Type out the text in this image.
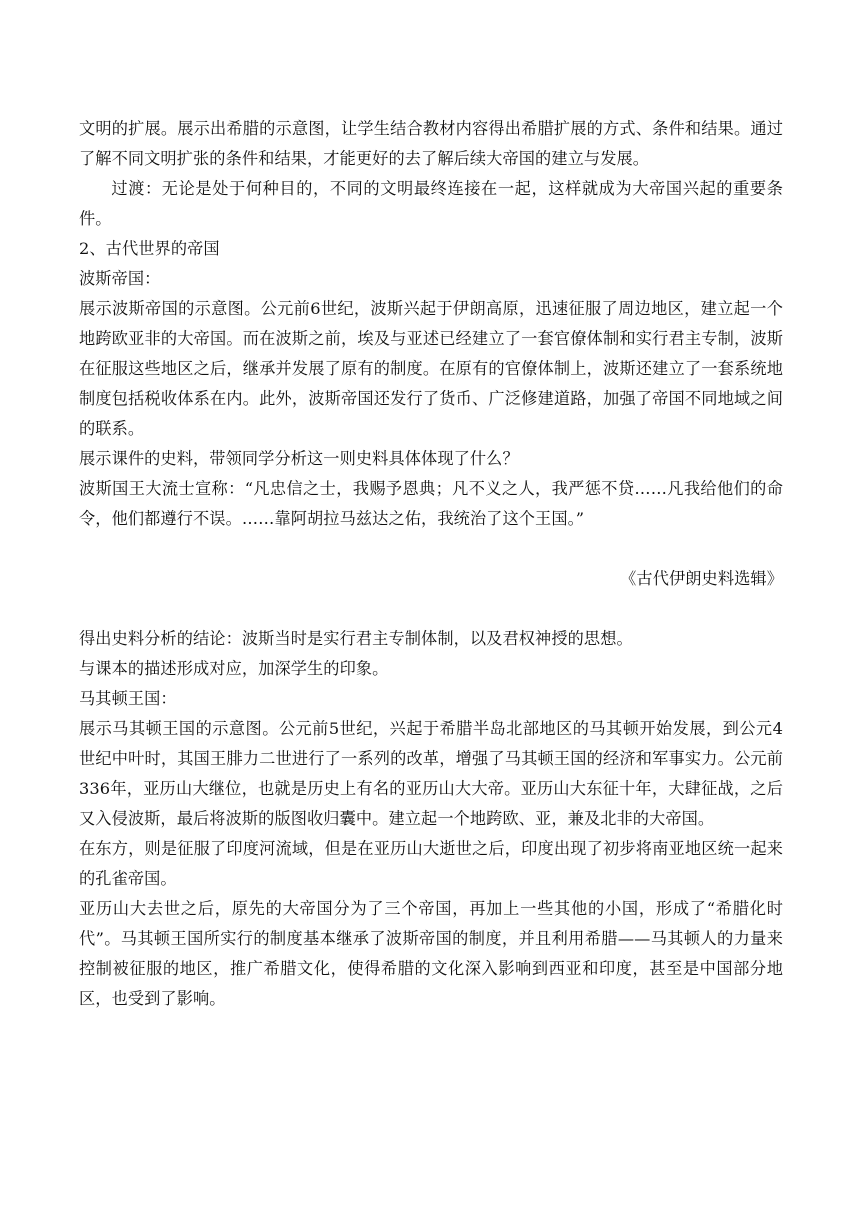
文明的扩展。展示出希腊的示意图，让学生结合教材内容得出希腊扩展的方式、条件和结果。通过了解不同文明扩张的条件和结果，才能更好的去了解后续大帝国的建立与发展。

过渡：无论是处于何种目的，不同的文明最终连接在一起，这样就成为大帝国兴起的重要条件。

2、古代世界的帝国

波斯帝国：

展示波斯帝国的示意图。公元前6世纪，波斯兴起于伊朗高原，迅速征服了周边地区，建立起一个地跨欧亚非的大帝国。而在波斯之前，埃及与亚述已经建立了一套官僚体制和实行君主专制，波斯在征服这些地区之后，继承并发展了原有的制度。在原有的官僚体制上，波斯还建立了一套系统地制度包括税收体系在内。此外，波斯帝国还发行了货币、广泛修建道路，加强了帝国不同地域之间的联系。

展示课件的史料，带领同学分析这一则史料具体体现了什么？

波斯国王大流士宣称：“凡忠信之士，我赐予恩典；凡不义之人，我严惩不贷……凡我给他们的命令，他们都遵行不误。……靠阿胡拉马兹达之佑，我统治了这个王国。”

《古代伊朗史料选辑》

得出史料分析的结论：波斯当时是实行君主专制体制，以及君权神授的思想。

与课本的描述形成对应，加深学生的印象。

马其顿王国：

展示马其顿王国的示意图。公元前5世纪，兴起于希腊半岛北部地区的马其顿开始发展，到公元4世纪中叶时，其国王腓力二世进行了一系列的改革，增强了马其顿王国的经济和军事实力。公元前336年，亚历山大继位，也就是历史上有名的亚历山大大帝。亚历山大东征十年，大肆征战，之后又入侵波斯，最后将波斯的版图收归囊中。建立起一个地跨欧、亚，兼及北非的大帝国。

在东方，则是征服了印度河流域，但是在亚历山大逝世之后，印度出现了初步将南亚地区统一起来的孔雀帝国。

亚历山大去世之后，原先的大帝国分为了三个帝国，再加上一些其他的小国，形成了“希腊化时代”。马其顿王国所实行的制度基本继承了波斯帝国的制度，并且利用希腊——马其顿人的力量来控制被征服的地区，推广希腊文化，使得希腊的文化深入影响到西亚和印度，甚至是中国部分地区，也受到了影响。
